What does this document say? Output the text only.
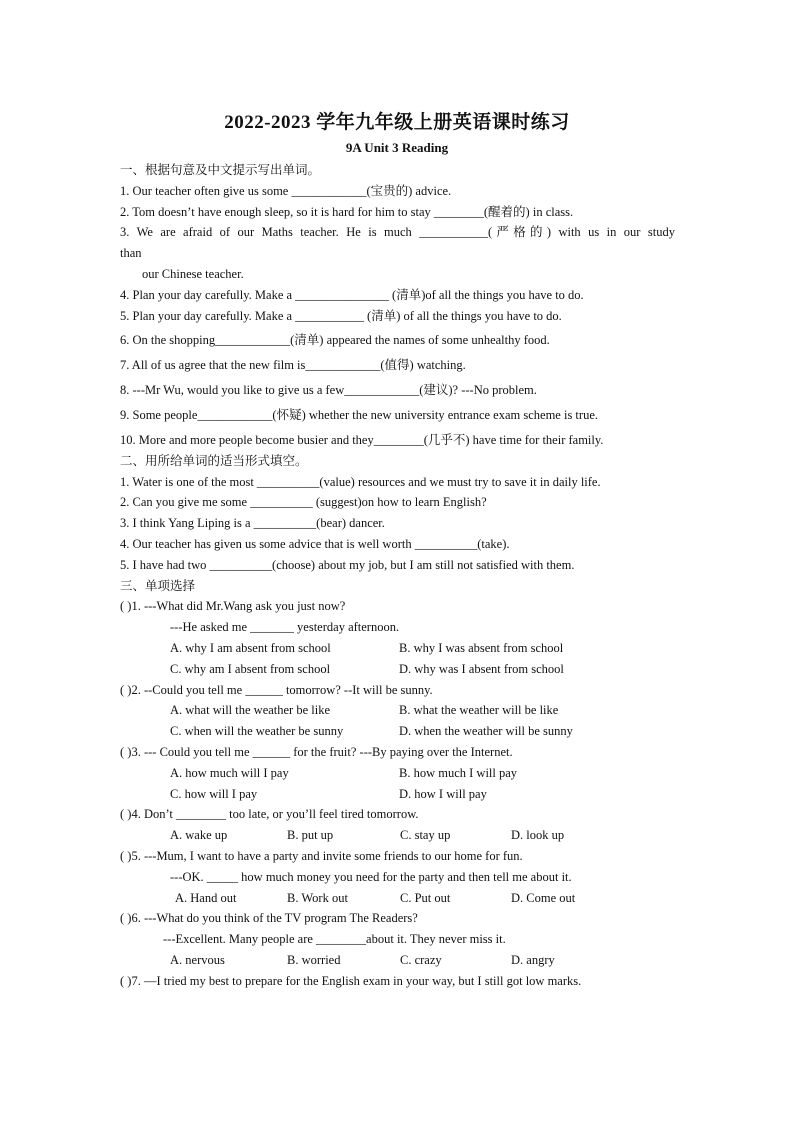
2022-2023 学年九年级上册英语课时练习
9A Unit 3 Reading
一、根据句意及中文提示写出单词。
1. Our teacher often give us some ____________(宝贵的) advice.
2. Tom doesn’t have enough sleep, so it is hard for him to stay ________(醒着的) in class.
3. We are afraid of our Maths teacher. He is much ___________(严格的) with us in our study
than
our Chinese teacher.
4. Plan your day carefully. Make a _______________ (清单)of all the things you have to do.
5. Plan your day carefully. Make a ___________ (清单) of all the things you have to do.
6. On the shopping____________(清单) appeared the names of some unhealthy food.
7. All of us agree that the new film is____________(值得) watching.
8. ---Mr Wu, would you like to give us a few____________(建议)? ---No problem.
9. Some people____________(怀疑) whether the new university entrance exam scheme is true.
10. More and more people become busier and they________(几乎不) have time for their family.
二、用所给单词的适当形式填空。
1. Water is one of the most __________(value) resources and we must try to save it in daily life.
2. Can you give me some __________ (suggest)on how to learn English?
3. I think Yang Liping is a __________(bear) dancer.
4. Our teacher has given us some advice that is well worth __________(take).
5. I have had two __________(choose) about my job, but I am still not satisfied with them.
三、单项选择
( )1. ---What did Mr.Wang ask you just now?
---He asked me _______ yesterday afternoon.
A. why I am absent from school	B. why I was absent from school
C. why am I absent from school	D. why was I absent from school
( )2. --Could you tell me ______ tomorrow? --It will be sunny.
A. what will the weather be like	B. what the weather will be like
C. when will the weather be sunny	D. when the weather will be sunny
( )3. --- Could you tell me ______ for the fruit? ---By paying over the Internet.
A. how much will I pay	B. how much I will pay
C. how will I pay	D. how I will pay
( )4. Don’t ________ too late, or you’ll feel tired tomorrow.
A. wake up	B. put up	C. stay up	D. look up
( )5. ---Mum, I want to have a party and invite some friends to our home for fun.
---OK. _____ how much money you need for the party and then tell me about it.
A. Hand out	B. Work out	C. Put out	D. Come out
( )6. ---What do you think of the TV program The Readers?
---Excellent. Many people are ________about it. They never miss it.
A. nervous	B. worried	C. crazy	D. angry
( )7. —I tried my best to prepare for the English exam in your way, but I still got low marks.
